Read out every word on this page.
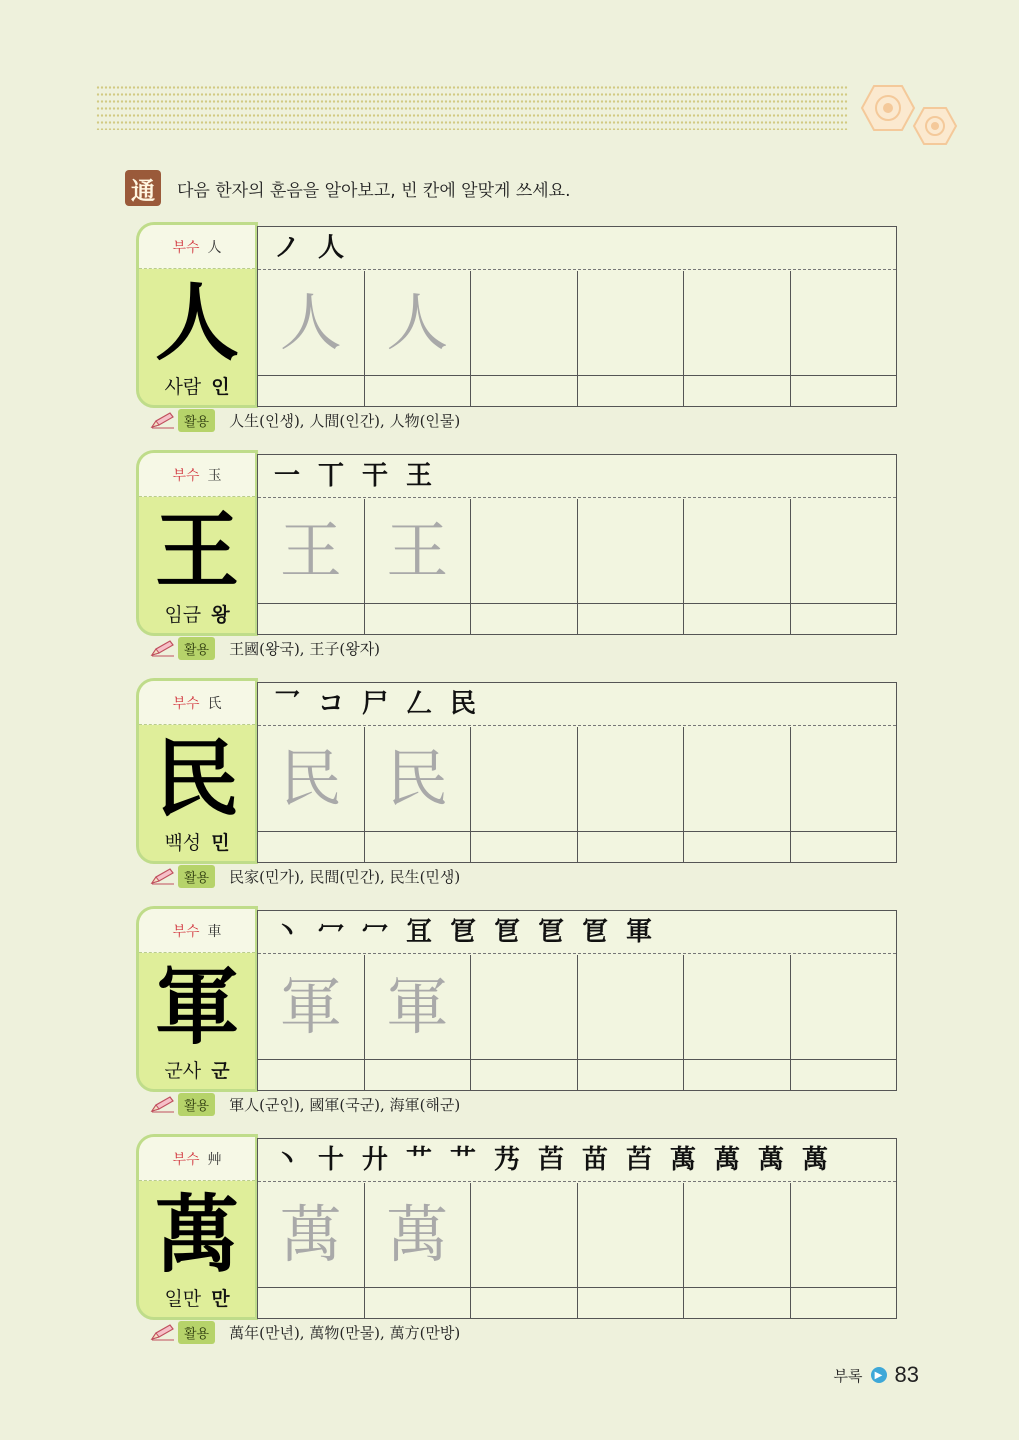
通	다음 한자의 훈음을 알아보고, 빈 칸에 알맞게 쓰세요.
부수 人
人
사람 인
ノ 人
人 人
활용	人生(인생), 人間(인간), 人物(인물)
부수 玉
王
임금 왕
一 丅 干 王
王 王
활용	王國(왕국), 王子(왕자)
부수 氏
民
백성 민
乛 コ 尸 𠃋 民
民 民
활용	民家(민가), 民間(민간), 民生(민생)
부수 車
軍
군사 군
丶 冖 冖 冝 冟 冟 冟 冟 軍
軍 軍
활용	軍人(군인), 國軍(국군), 海軍(해군)
부수 艸
萬
일만 만
丶 十 廾 艹 艹 艿 苩 苗 苩 萬 萬 萬 萬
萬 萬
활용	萬年(만년), 萬物(만물), 萬方(만방)
부록	▶ 83
